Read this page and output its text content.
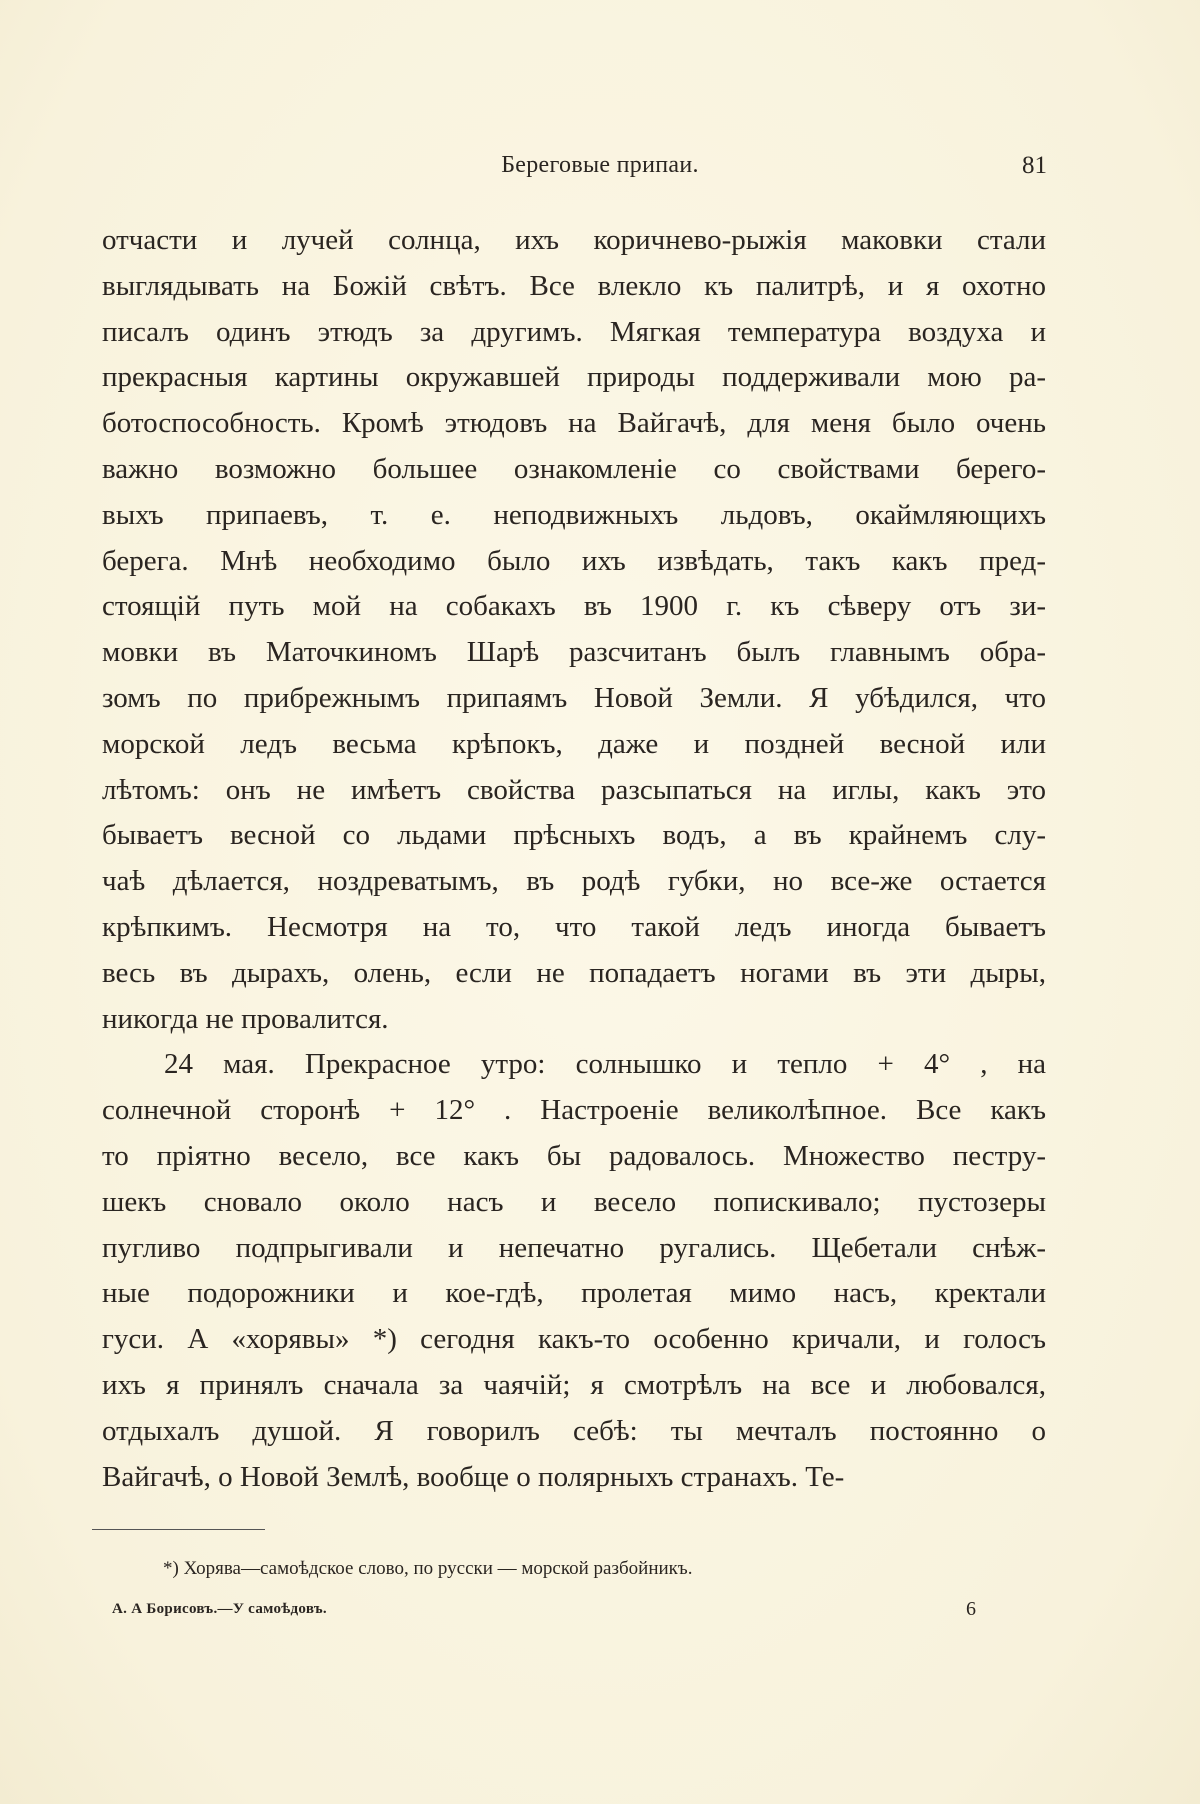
Береговые припаи.	81
отчасти и лучей солнца, ихъ коричнево-рыжія маковки стали
выглядывать на Божій свѣтъ. Все влекло къ палитрѣ, и я охотно
писалъ одинъ этюдъ за другимъ. Мягкая температура воздуха и
прекрасныя картины окружавшей природы поддерживали мою ра-
ботоспособность. Кромѣ этюдовъ на Вайгачѣ, для меня было очень
важно возможно большее ознакомленіе со свойствами берего-
выхъ припаевъ, т. е. неподвижныхъ льдовъ, окаймляющихъ
берега. Мнѣ необходимо было ихъ извѣдать, такъ какъ пред-
стоящій путь мой на собакахъ въ 1900 г. къ сѣверу отъ зи-
мовки въ Маточкиномъ Шарѣ разсчитанъ былъ главнымъ обра-
зомъ по прибрежнымъ припаямъ Новой Земли. Я убѣдился, что
морской ледъ весьма крѣпокъ, даже и поздней весной или
лѣтомъ: онъ не имѣетъ свойства разсыпаться на иглы, какъ это
бываетъ весной со льдами прѣсныхъ водъ, а въ крайнемъ слу-
чаѣ дѣлается, ноздреватымъ, въ родѣ губки, но все-же остается
крѣпкимъ. Несмотря на то, что такой ледъ иногда бываетъ
весь въ дырахъ, олень, если не попадаетъ ногами въ эти дыры,
никогда не провалится.
24 мая. Прекрасное утро: солнышко и тепло + 4° , на
солнечной сторонѣ + 12° . Настроеніе великолѣпное. Все какъ
то пріятно весело, все какъ бы радовалось. Множество пестру-
шекъ сновало около насъ и весело попискивало; пустозеры
пугливо подпрыгивали и непечатно ругались. Щебетали снѣж-
ные подорожники и кое-гдѣ, пролетая мимо насъ, кректали
гуси. А «хорявы» *) сегодня какъ-то особенно кричали, и голосъ
ихъ я принялъ сначала за чаячій; я смотрѣлъ на все и любовался,
отдыхалъ душой. Я говорилъ себѣ: ты мечталъ постоянно о
Вайгачѣ, о Новой Землѣ, вообще о полярныхъ странахъ. Те-
*) Хорява—самоѣдское слово, по русски — морской разбойникъ.
А. А Борисовъ.—У самоѣдовъ.	6
